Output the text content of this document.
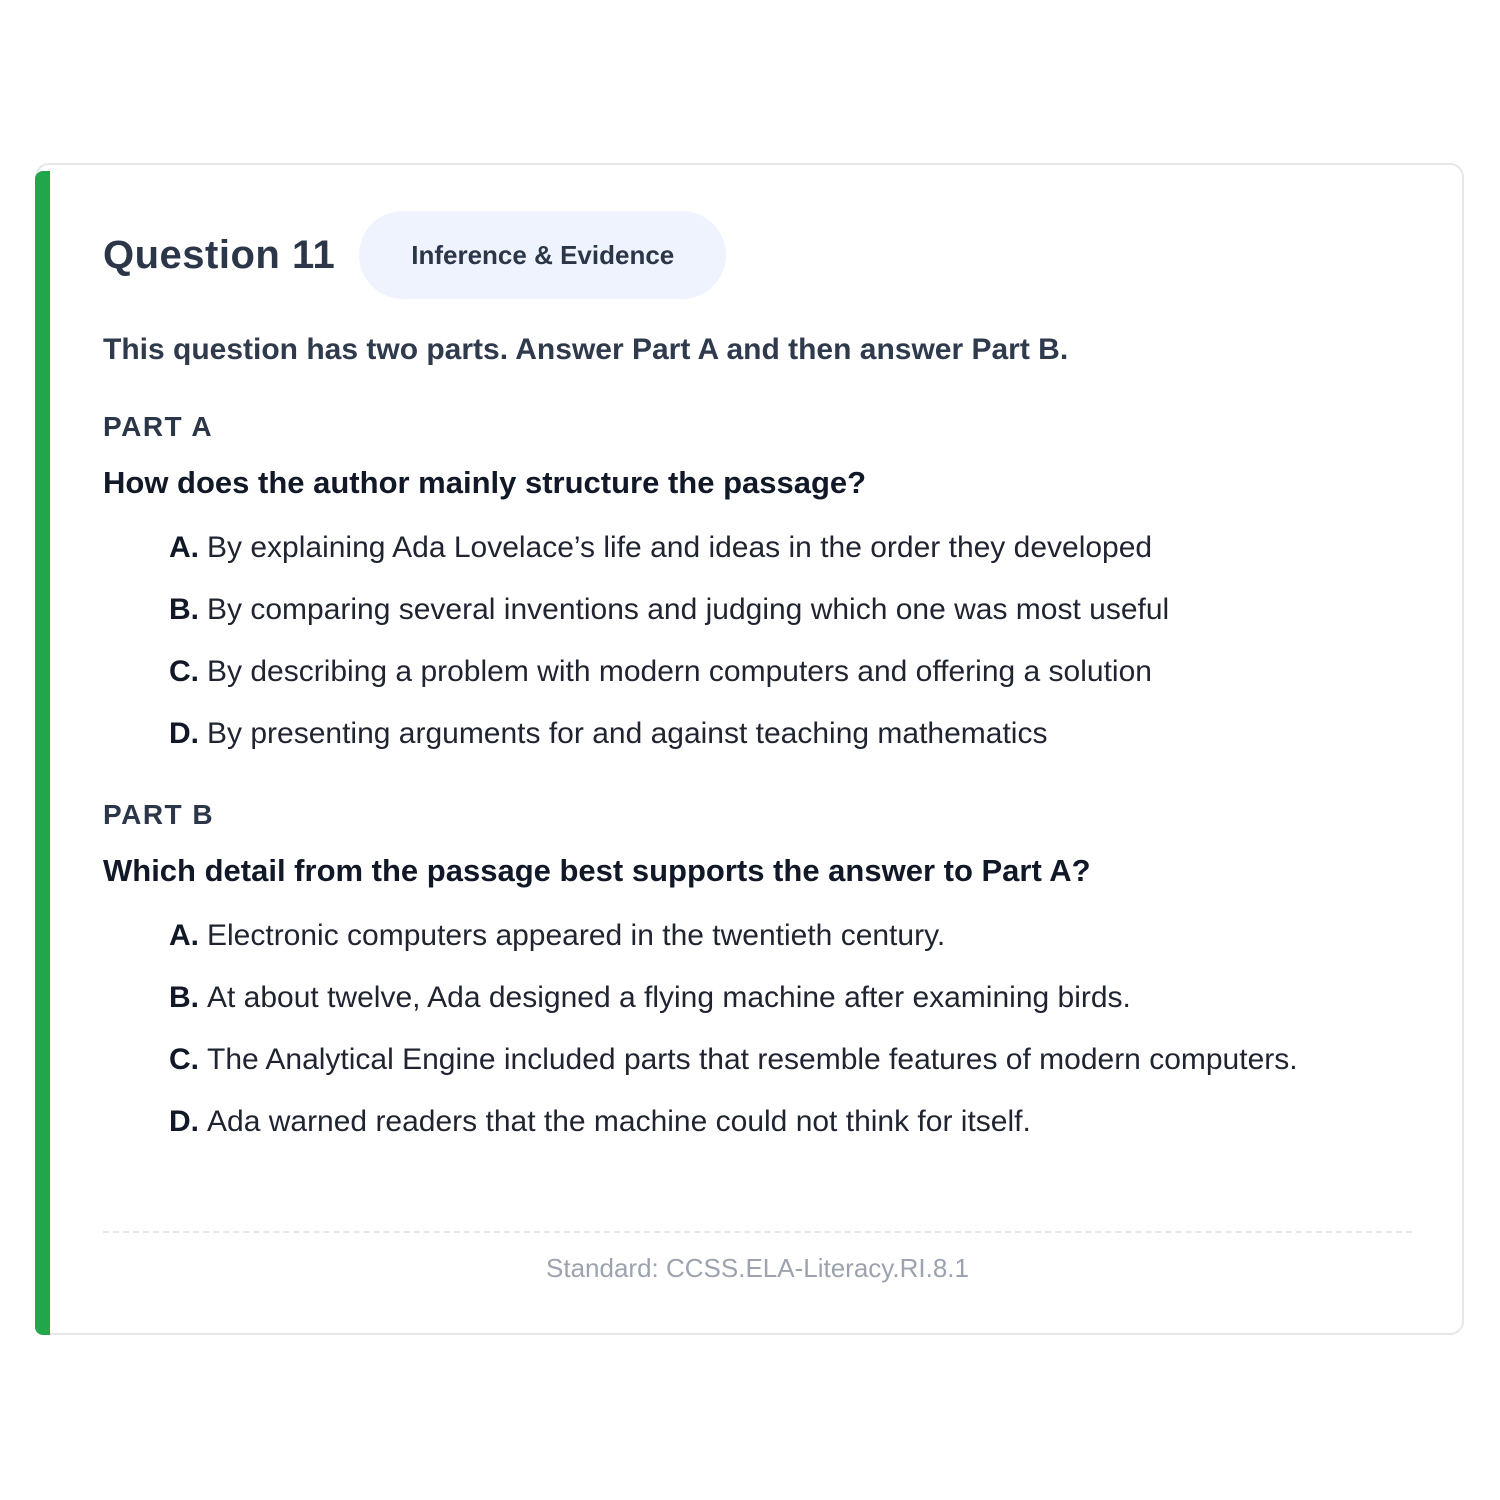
Question 11	Inference & Evidence
This question has two parts. Answer Part A and then answer Part B.
PART A
How does the author mainly structure the passage?
A. By explaining Ada Lovelace’s life and ideas in the order they developed
B. By comparing several inventions and judging which one was most useful
C. By describing a problem with modern computers and offering a solution
D. By presenting arguments for and against teaching mathematics
PART B
Which detail from the passage best supports the answer to Part A?
A. Electronic computers appeared in the twentieth century.
B. At about twelve, Ada designed a flying machine after examining birds.
C. The Analytical Engine included parts that resemble features of modern computers.
D. Ada warned readers that the machine could not think for itself.
Standard: CCSS.ELA-Literacy.RI.8.1
